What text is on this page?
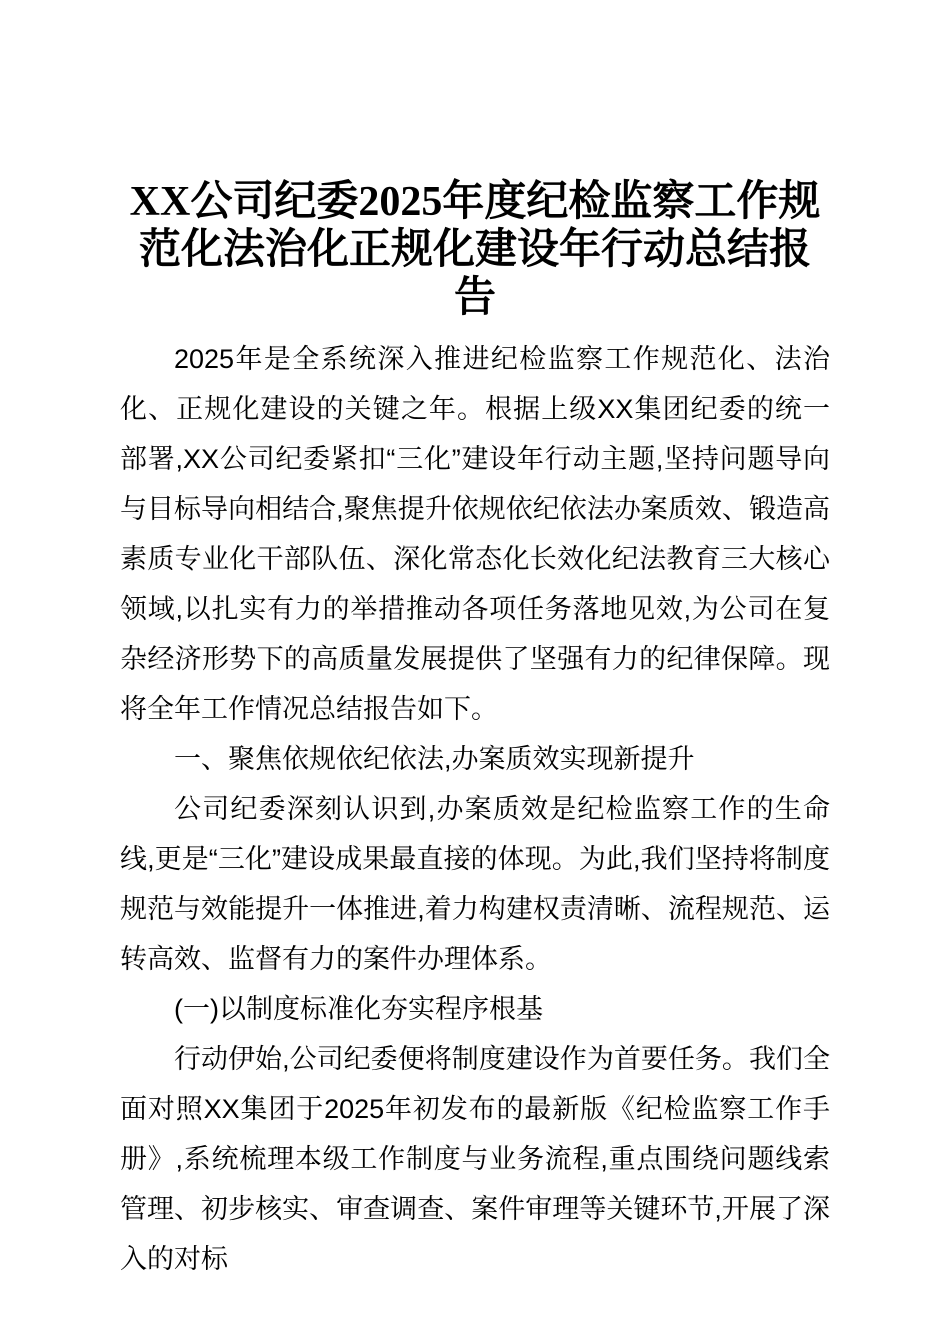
XX公司纪委2025年度纪检监察工作规范化法治化正规化建设年行动总结报告

2025年是全系统深入推进纪检监察工作规范化、法治化、正规化建设的关键之年。根据上级XX集团纪委的统一部署,XX公司纪委紧扣“三化”建设年行动主题,坚持问题导向与目标导向相结合,聚焦提升依规依纪依法办案质效、锻造高素质专业化干部队伍、深化常态化长效化纪法教育三大核心领域,以扎实有力的举措推动各项任务落地见效,为公司在复杂经济形势下的高质量发展提供了坚强有力的纪律保障。现将全年工作情况总结报告如下。

一、聚焦依规依纪依法,办案质效实现新提升

公司纪委深刻认识到,办案质效是纪检监察工作的生命线,更是“三化”建设成果最直接的体现。为此,我们坚持将制度规范与效能提升一体推进,着力构建权责清晰、流程规范、运转高效、监督有力的案件办理体系。

(一)以制度标准化夯实程序根基

行动伊始,公司纪委便将制度建设作为首要任务。我们全面对照XX集团于2025年初发布的最新版《纪检监察工作手册》,系统梳理本级工作制度与业务流程,重点围绕问题线索管理、初步核实、审查调查、案件审理等关键环节,开展了深入的对标
